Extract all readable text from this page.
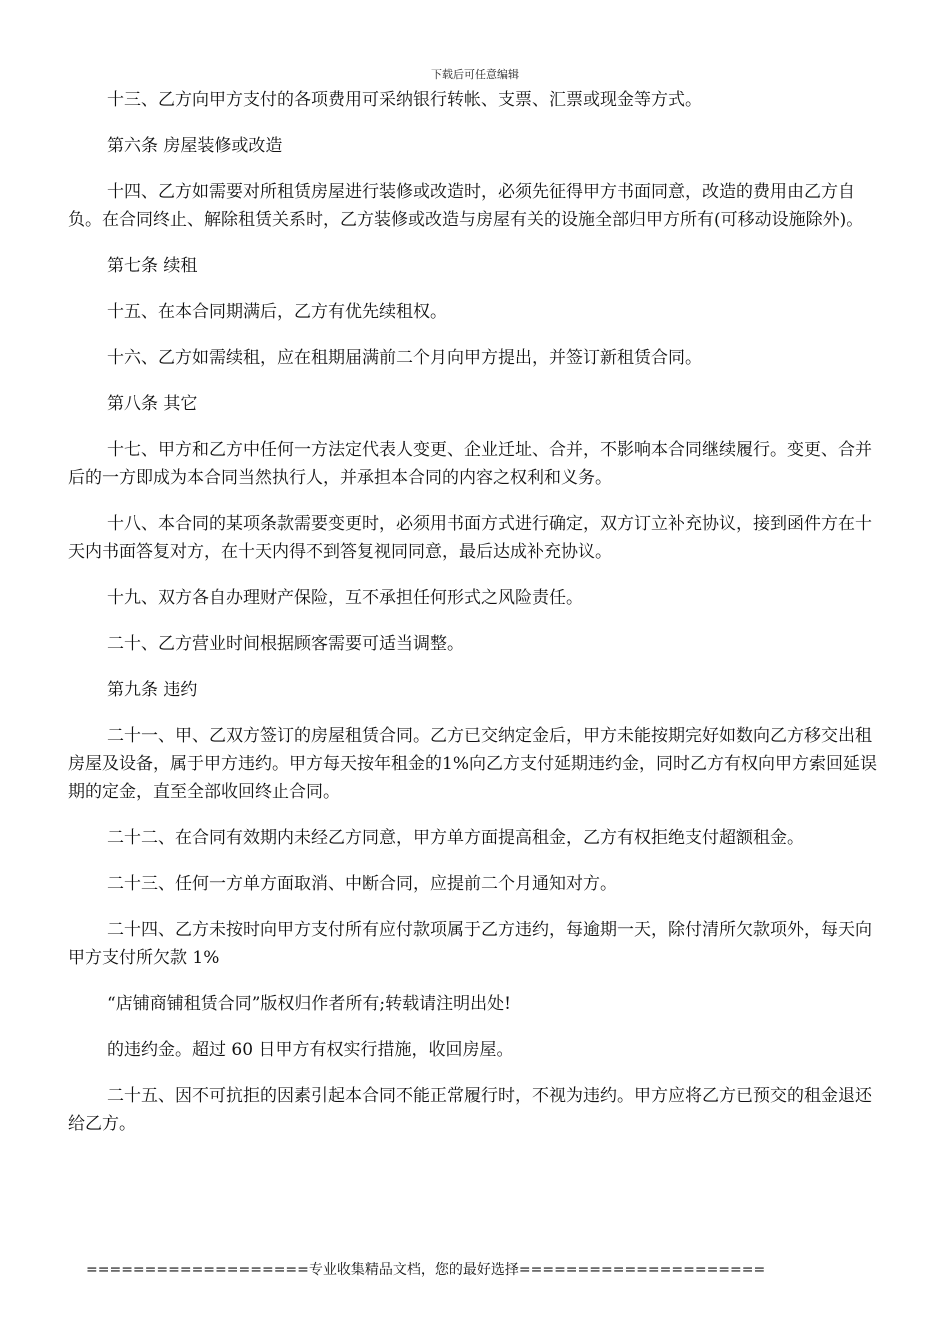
下载后可任意编辑

十三、乙方向甲方支付的各项费用可采纳银行转帐、支票、汇票或现金等方式。

第六条 房屋装修或改造

十四、乙方如需要对所租赁房屋进行装修或改造时，必须先征得甲方书面同意，改造的费用由乙方自负。在合同终止、解除租赁关系时，乙方装修或改造与房屋有关的设施全部归甲方所有(可移动设施除外)。

第七条 续租

十五、在本合同期满后，乙方有优先续租权。

十六、乙方如需续租，应在租期届满前二个月向甲方提出，并签订新租赁合同。

第八条 其它

十七、甲方和乙方中任何一方法定代表人变更、企业迁址、合并，不影响本合同继续履行。变更、合并后的一方即成为本合同当然执行人，并承担本合同的内容之权利和义务。

十八、本合同的某项条款需要变更时，必须用书面方式进行确定，双方订立补充协议，接到函件方在十天内书面答复对方，在十天内得不到答复视同同意，最后达成补充协议。

十九、双方各自办理财产保险，互不承担任何形式之风险责任。

二十、乙方营业时间根据顾客需要可适当调整。

第九条 违约

二十一、甲、乙双方签订的房屋租赁合同。乙方已交纳定金后，甲方未能按期完好如数向乙方移交出租房屋及设备，属于甲方违约。甲方每天按年租金的1%向乙方支付延期违约金，同时乙方有权向甲方索回延误期的定金，直至全部收回终止合同。

二十二、在合同有效期内未经乙方同意，甲方单方面提高租金，乙方有权拒绝支付超额租金。

二十三、任何一方单方面取消、中断合同，应提前二个月通知对方。

二十四、乙方未按时向甲方支付所有应付款项属于乙方违约，每逾期一天，除付清所欠款项外，每天向甲方支付所欠款 1%

“店铺商铺租赁合同”版权归作者所有;转载请注明出处!

的违约金。超过 60 日甲方有权实行措施，收回房屋。

二十五、因不可抗拒的因素引起本合同不能正常履行时，不视为违约。甲方应将乙方已预交的租金退还给乙方。

===================专业收集精品文档，您的最好选择=====================
